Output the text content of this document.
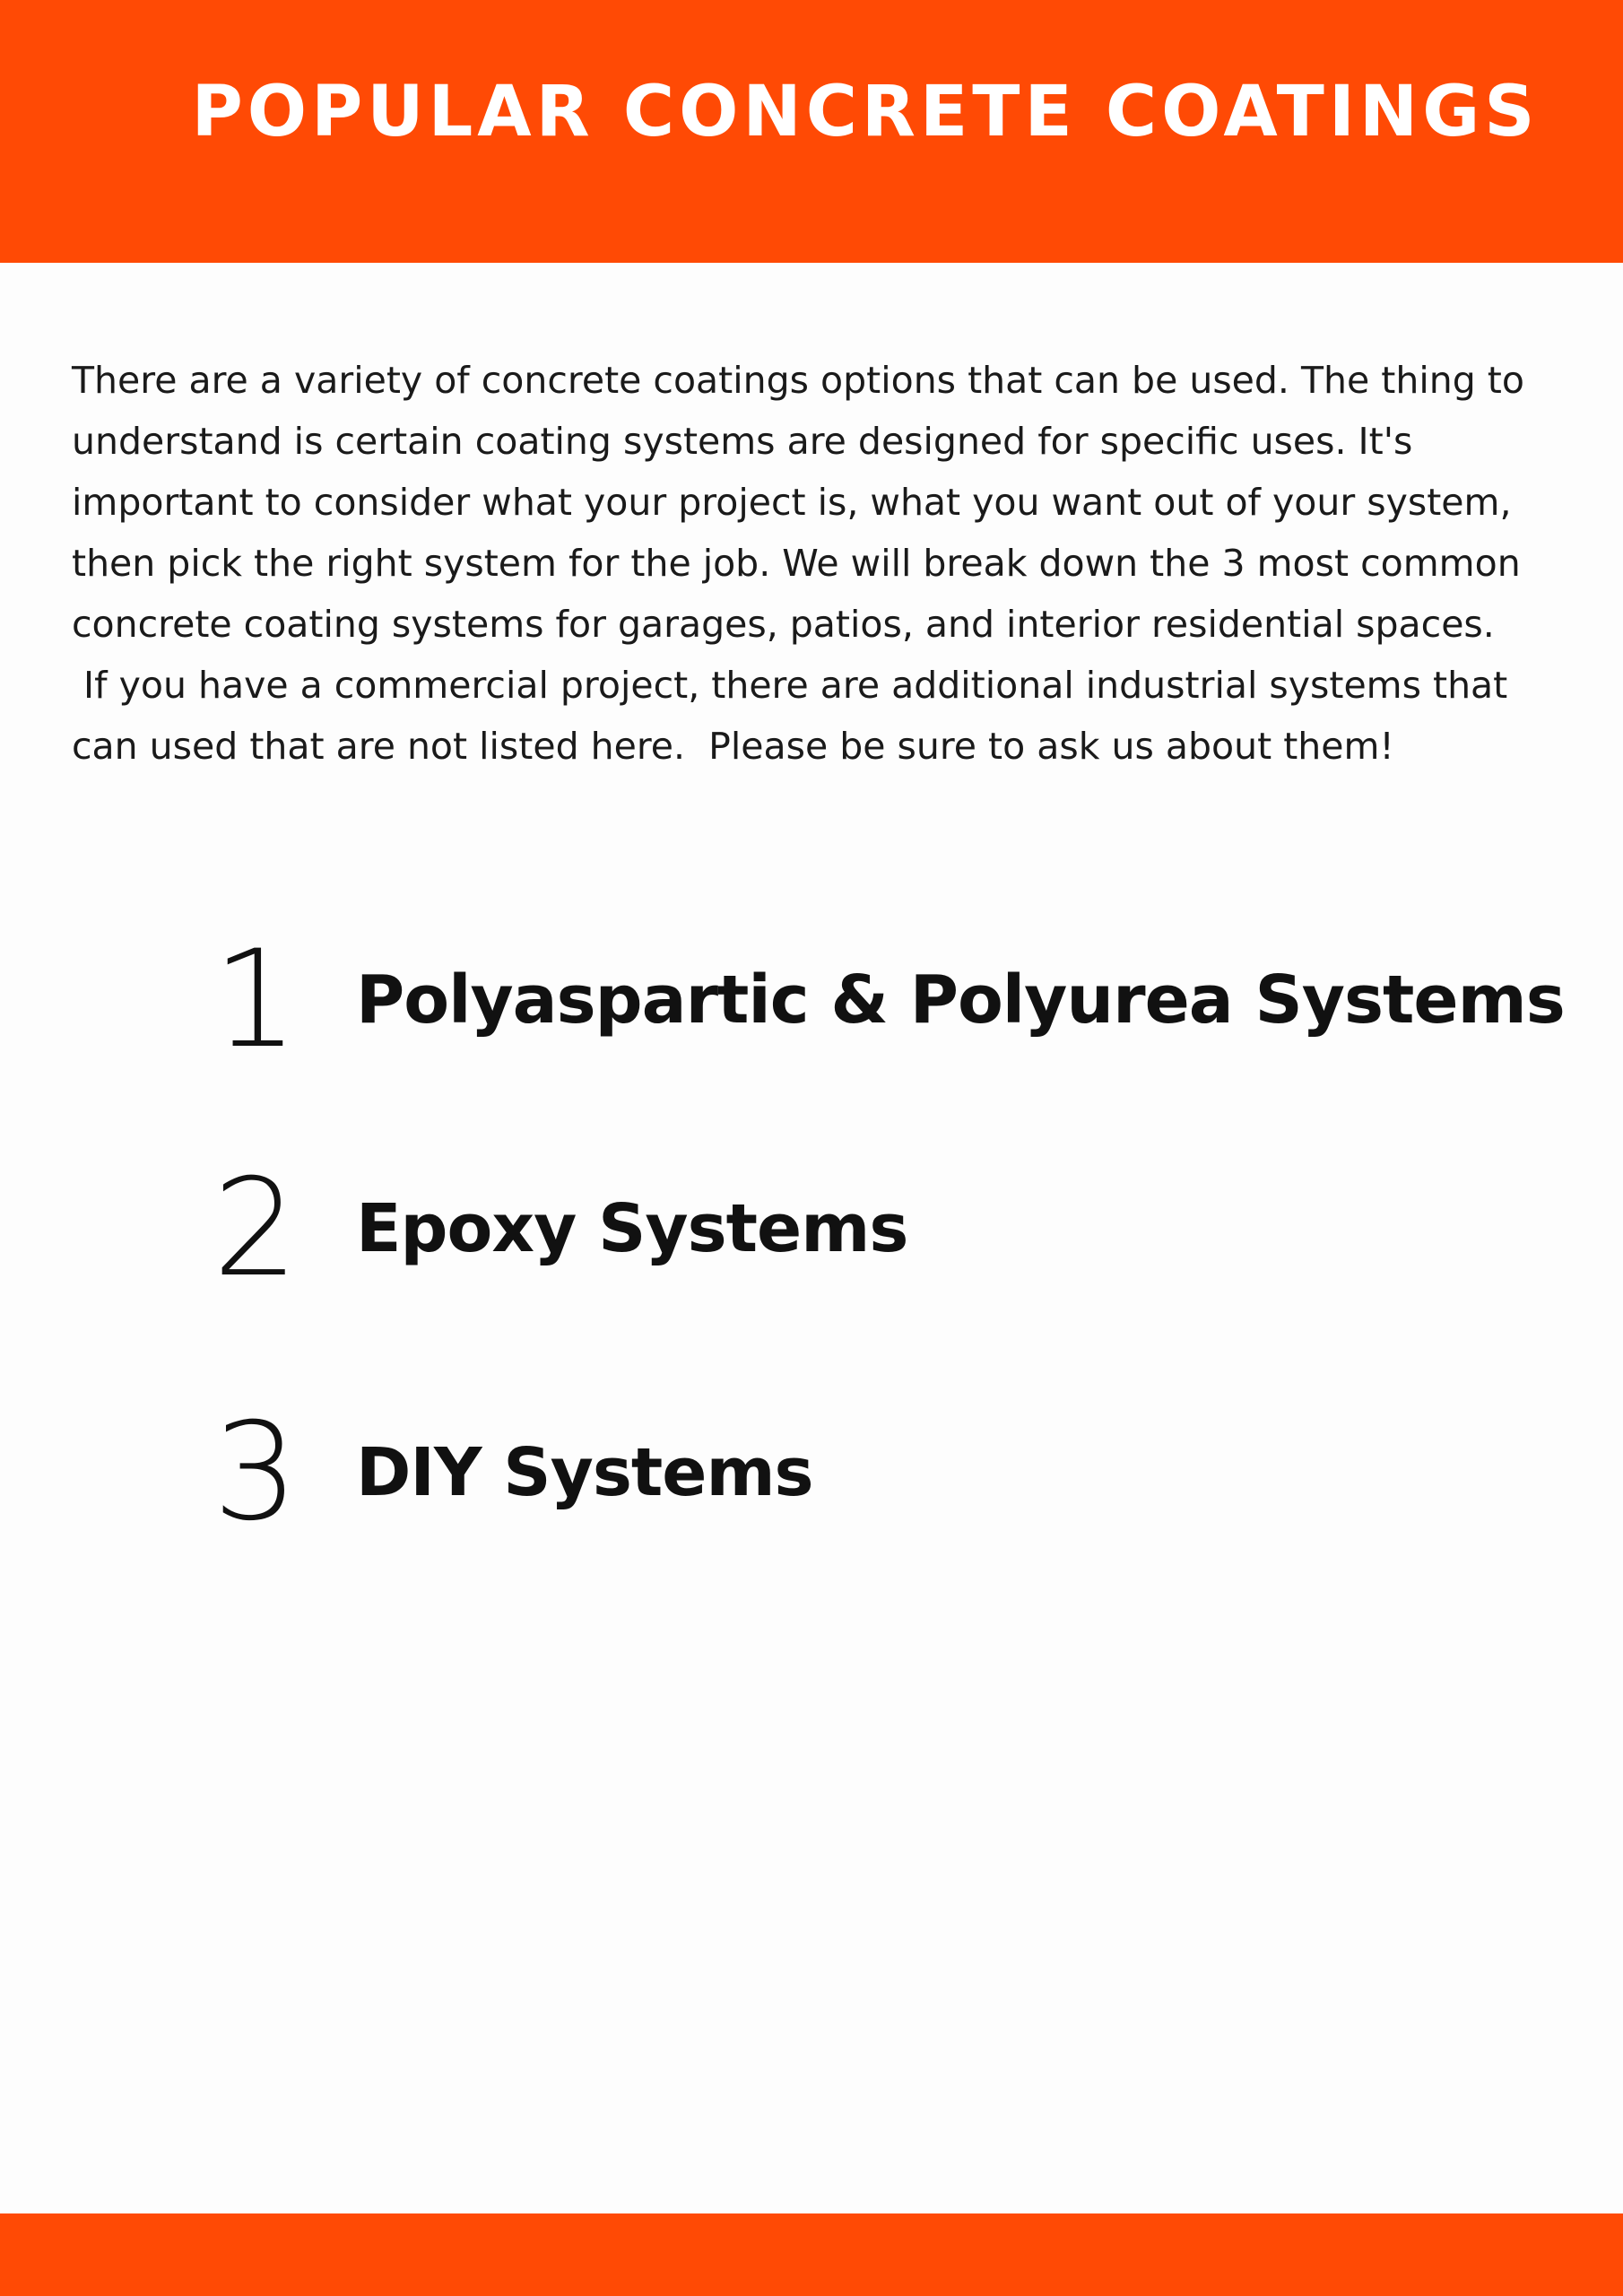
POPULAR CONCRETE COATINGS

There are a variety of concrete coatings options that can be used. The thing to
understand is certain coating systems are designed for specific uses. It's
important to consider what your project is, what you want out of your system,
then pick the right system for the job. We will break down the 3 most common
concrete coating systems for garages, patios, and interior residential spaces.
If you have a commercial project, there are additional industrial systems that
can used that are not listed here.  Please be sure to ask us about them!

1 Polyaspartic & Polyurea Systems
2 Epoxy Systems
3 DIY Systems
